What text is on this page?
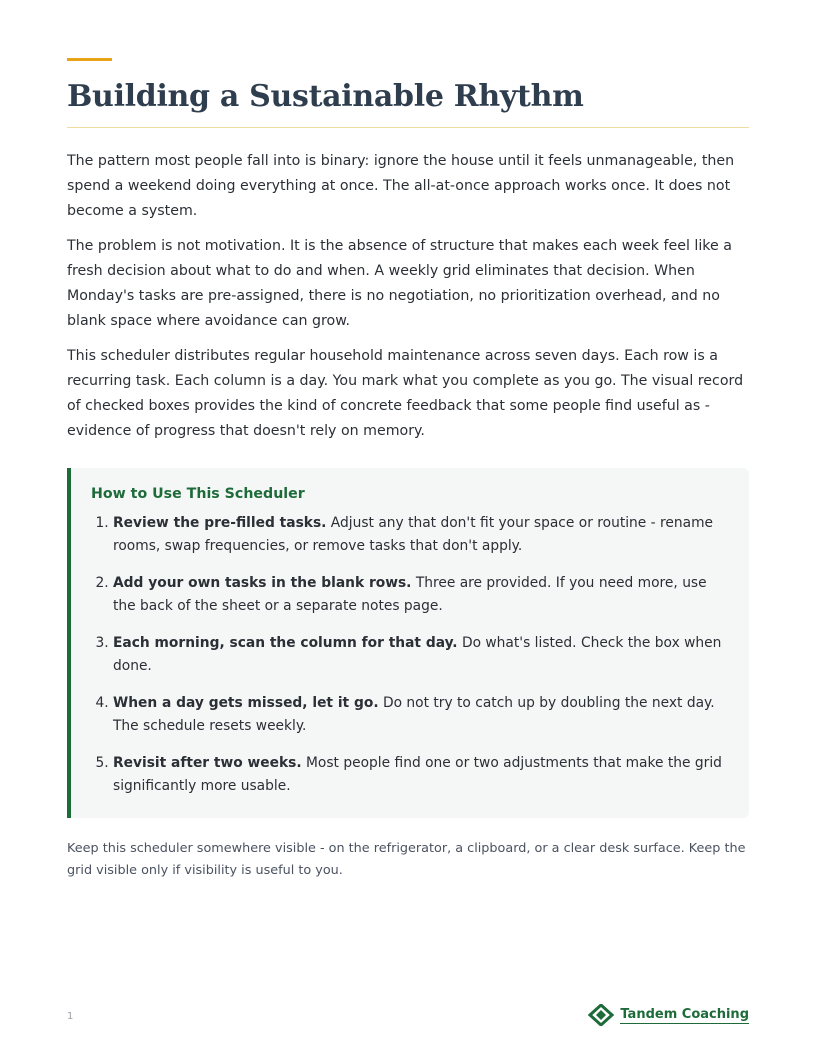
Building a Sustainable Rhythm

The pattern most people fall into is binary: ignore the house until it feels unmanageable, then spend a weekend doing everything at once. The all-at-once approach works once. It does not become a system.

The problem is not motivation. It is the absence of structure that makes each week feel like a fresh decision about what to do and when. A weekly grid eliminates that decision. When Monday's tasks are pre-assigned, there is no negotiation, no prioritization overhead, and no blank space where avoidance can grow.

This scheduler distributes regular household maintenance across seven days. Each row is a recurring task. Each column is a day. You mark what you complete as you go. The visual record of checked boxes provides the kind of concrete feedback that some people find useful as - evidence of progress that doesn't rely on memory.

How to Use This Scheduler
1. Review the pre-filled tasks. Adjust any that don't fit your space or routine - rename rooms, swap frequencies, or remove tasks that don't apply.
2. Add your own tasks in the blank rows. Three are provided. If you need more, use the back of the sheet or a separate notes page.
3. Each morning, scan the column for that day. Do what's listed. Check the box when done.
4. When a day gets missed, let it go. Do not try to catch up by doubling the next day. The schedule resets weekly.
5. Revisit after two weeks. Most people find one or two adjustments that make the grid significantly more usable.

Keep this scheduler somewhere visible - on the refrigerator, a clipboard, or a clear desk surface. Keep the grid visible only if visibility is useful to you.

1	Tandem Coaching
